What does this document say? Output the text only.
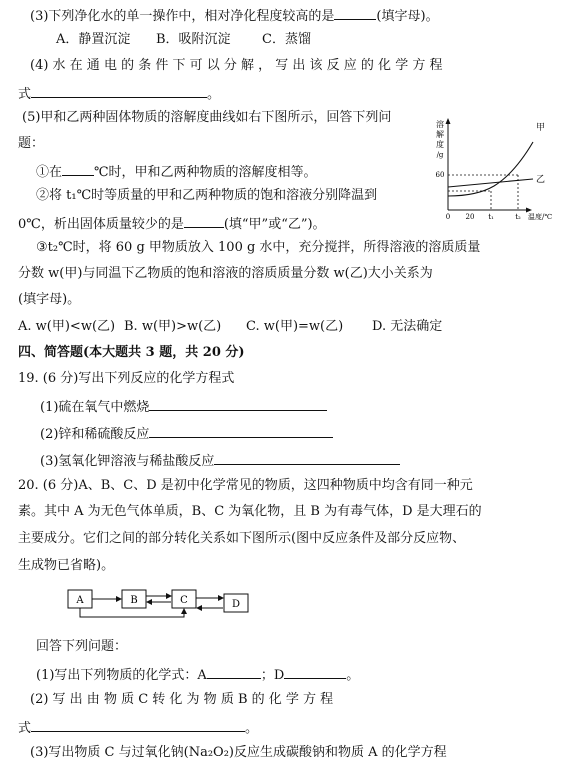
(3)下列净化水的单一操作中，相对净化程度较高的是	(填字母)。
A．静置沉淀 B．吸附沉淀 C．蒸馏
(4) 水 在 通 电 的 条 件 下 可 以 分 解 ， 写 出 该 反 应 的 化 学 方 程
式	。
(5)甲和乙两种固体物质的溶解度曲线如右下图所示，回答下列问
题：
①在 ℃时，甲和乙两种物质的溶解度相等。
②将 t₁℃时等质量的甲和乙两种物质的饱和溶液分别降温到
0℃，析出固体质量较少的是	(填“甲”或“乙”)。
③t₂℃时，将 60 g 甲物质放入 100 g 水中，充分搅拌，所得溶液的溶质质量
分数 w(甲)与同温下乙物质的饱和溶液的溶质质量分数 w(乙)大小关系为
(填字母)。
A. w(甲)<w(乙) B. w(甲)>w(乙) C. w(甲)=w(乙) D. 无法确定
溶
解
度
/g
60
甲
乙
0 20 t₁	t₂ 温度/℃
四、简答题(本大题共 3 题，共 20 分)
19. (6 分)写出下列反应的化学方程式
(1)硫在氧气中燃烧
(2)锌和稀硫酸反应
(3)氢氧化钾溶液与稀盐酸反应
20. (6 分)A、B、C、D 是初中化学常见的物质，这四种物质中均含有同一种元
素。其中 A 为无色气体单质，B、C 为氧化物，且 B 为有毒气体，D 是大理石的
主要成分。它们之间的部分转化关系如下图所示(图中反应条件及部分反应物、
生成物已省略)。
A	B	C	D
回答下列问题：
(1)写出下列物质的化学式：A	；D	。
(2) 写 出 由 物 质 C 转 化 为 物 质 B 的 化 学 方 程
式	。
(3)写出物质 C 与过氧化钠(Na₂O₂)反应生成碳酸钠和物质 A 的化学方程
